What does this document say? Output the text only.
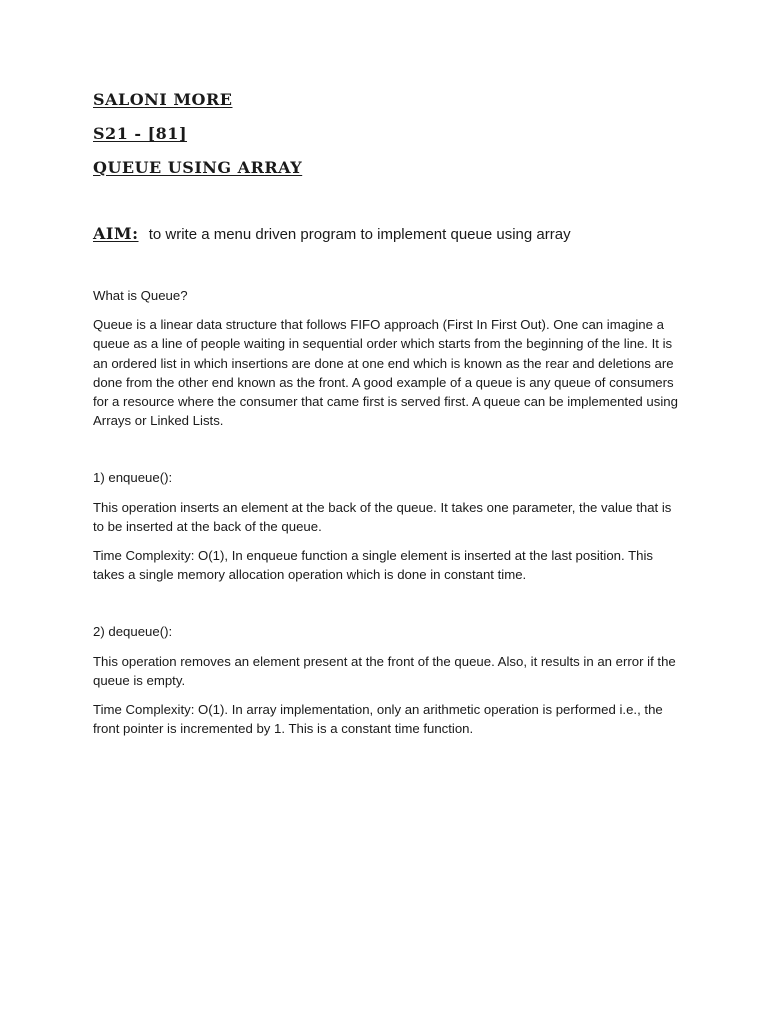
SALONI MORE
S21 - [81]
QUEUE USING ARRAY
AIM: to write a menu driven program to implement queue using array

What is Queue?

Queue is a linear data structure that follows FIFO approach (First In First Out). One can imagine a queue as a line of people waiting in sequential order which starts from the beginning of the line. It is an ordered list in which insertions are done at one end which is known as the rear and deletions are done from the other end known as the front. A good example of a queue is any queue of consumers for a resource where the consumer that came first is served first. A queue can be implemented using Arrays or Linked Lists.

1) enqueue():

This operation inserts an element at the back of the queue. It takes one parameter, the value that is to be inserted at the back of the queue.

Time Complexity: O(1), In enqueue function a single element is inserted at the last position. This takes a single memory allocation operation which is done in constant time.

2) dequeue():

This operation removes an element present at the front of the queue. Also, it results in an error if the queue is empty.

Time Complexity: O(1). In array implementation, only an arithmetic operation is performed i.e., the front pointer is incremented by 1. This is a constant time function.
